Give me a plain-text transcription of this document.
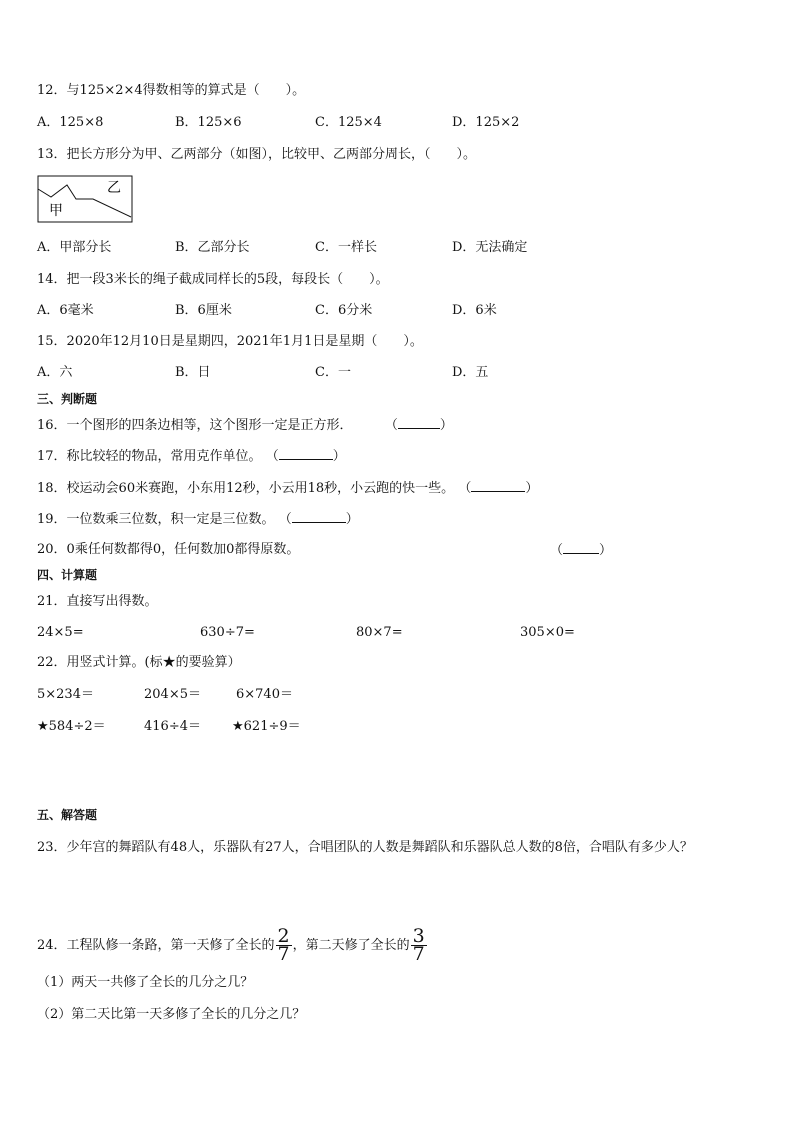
12．与125×2×4得数相等的算式是（　　）。
A．125×8	B．125×6	C．125×4	D．125×2
13．把长方形分为甲、乙两部分（如图），比较甲、乙两部分周长，（　　）。
乙
甲
A．甲部分长	B．乙部分长	C．一样长	D．无法确定
14．把一段3米长的绳子截成同样长的5段，每段长（　　）。
A．6毫米	B．6厘米	C．6分米	D．6米
15．2020年12月10日是星期四，2021年1月1日是星期（　　）。
A．六	B．日	C．一	D．五
三、判断题
16．一个图形的四条边相等，这个图形一定是正方形． （	）
17．称比较轻的物品，常用克作单位。 （	）
18．校运动会60米赛跑，小东用12秒，小云用18秒，小云跑的快一些。 （	）
19．一位数乘三位数，积一定是三位数。 （	）
20．0乘任何数都得0，任何数加0都得原数。	（	）
四、计算题
21．直接写出得数。
24×5=	630÷7=	80×7=	305×0=
22．用竖式计算。(标★的要验算）
5×234＝	204×5＝	6×740＝
★584÷2＝	416÷4＝ ★621÷9＝
五、解答题
23．少年宫的舞蹈队有48人，乐器队有27人，合唱团队的人数是舞蹈队和乐器队总人数的8倍，合唱队有多少人？
24．工程队修一条路，第一天修了全长的 $\frac{2}{7}$ ，第二天修了全长的 $\frac{3}{7}$
（1）两天一共修了全长的几分之几？
（2）第二天比第一天多修了全长的几分之几？
